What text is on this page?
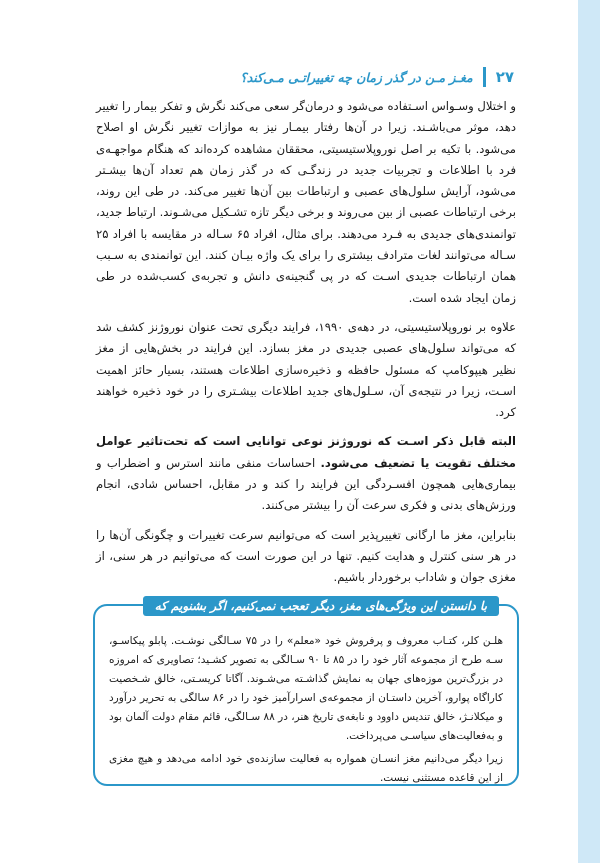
۲۷
مغـز مـن در گذر زمان چه تغییراتـی مـی‌کند؟

و اختلال وسـواس اسـتفاده می‌شود و درمان‌گر سعی می‌کند نگرش و تفکر بیمار را تغییر دهد، موثر می‌باشـند. زیرا در آن‌ها رفتار بیمـار نیز به موازات تغییر نگرش او اصلاح می‌شود. با تکیه بر اصل نوروپلاستیسیتی، محققان مشاهده کرده‌اند که هنگام مواجهـه‌ی فرد با اطلاعات و تجربیات جدید در زندگـی که در گذر زمان هم تعداد آن‌ها بیشـتر می‌شود، آرایش سلول‌های عصبی و ارتباطات بین آن‌ها تغییر می‌کند. در طی این روند، برخی ارتباطات عصبی از بین می‌روند و برخی دیگر تازه تشـکیل می‌شـوند. ارتباط جدید، توانمندی‌های جدیدی به فـرد می‌دهند. برای مثال، افراد ۶۵ سـاله در مقایسه با افراد ۲۵ سـاله می‌توانند لغات مترادف بیشتری را برای یک واژه بیـان کنند. این توانمندی به سـبب همان ارتباطات جدیدی اسـت که در پی گنجینه‌ی دانش و تجربه‌ی کسب‌شده در طی زمان ایجاد شده است.

علاوه بر نوروپلاستیسیتی، در دهه‌ی ۱۹۹۰، فرایند دیگری تحت عنوان نوروژنز کشف شد که می‌تواند سلول‌های عصبی جدیدی در مغز بسازد. این فرایند در بخش‌هایی از مغز نظیر هیپوکامپ که مسئول حافظه و ذخیره‌سازی اطلاعات هستند، بسیار حائز اهمیت اسـت، زیرا در نتیجه‌ی آن، سـلول‌های جدید اطلاعات بیشـتری را در خود ذخیره خواهند کرد.

البته قابل ذکر اسـت که نوروژنز نوعی توانایی است که تحت‌تاثیر عوامل مختلف تقویت یا تضعیف می‌شود. احساسات منفی مانند استرس و اضطراب و بیماری‌هایی همچون افسـردگی این فرایند را کند و در مقابل، احساس شادی، انجام ورزش‌های بدنی و فکری سرعت آن را بیشتر می‌کنند.

بنابراین، مغز ما ارگانی تغییرپذیر است که می‌توانیم سرعت تغییرات و چگونگی آن‌ها را در هر سنی کنترل و هدایت کنیم. تنها در این صورت است که می‌توانیم در هر سنی، از مغزی جوان و شاداب برخوردار باشیم.

با دانستن این ویژگی‌های مغز، دیگر تعجب نمی‌کنیم، اگر بشنویم که

هلـن کلر، کتـاب معروف و پرفروش خود «معلم» را در ۷۵ سـالگی نوشـت. پابلو پیکاسـو، سـه طرح از مجموعه آثار خود را در ۸۵ تا ۹۰ سـالگی به تصویر کشـید؛ تصاویری که امروزه در بزرگ‌ترین موزه‌های جهان به نمایش گذاشـته می‌شـوند. آگاتا کریسـتی، خالق شـخصیت کاراگاه پوارو، آخرین داستـان از مجموعه‌ی اسرارآمیز خود را در ۸۶ سالگی به تحریر درآورد و میکلانـژ، خالق تندیس داوود و نابغه‌ی تاریخ هنر، در ۸۸ سـالگی، قائم مقام دولت آلمان بود و به‌فعالیت‌های سیاسـی می‌پرداخت.

زیرا دیگر می‌دانیم مغز انسـان همواره به فعالیت سازنده‌ی خود ادامه می‌دهد و هیچ مغزی از این قاعده مستثنی نیست.
